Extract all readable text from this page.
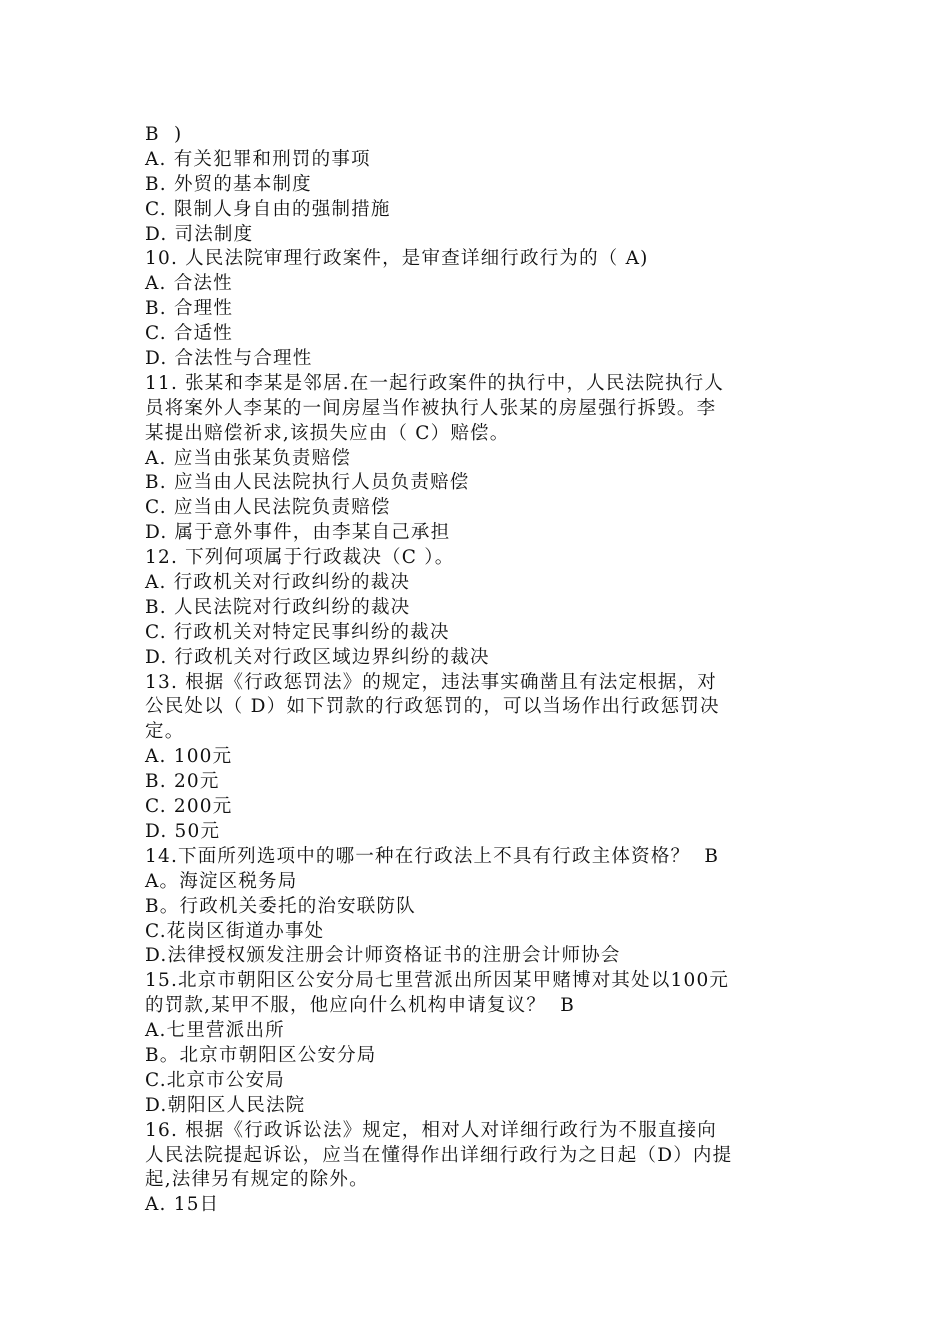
B  )
A. 有关犯罪和刑罚的事项
B. 外贸的基本制度
C. 限制人身自由的强制措施
D. 司法制度
10. 人民法院审理行政案件，是审查详细行政行为的（ A)
A. 合法性
B. 合理性
C. 合适性
D. 合法性与合理性
11. 张某和李某是邻居.在一起行政案件的执行中，人民法院执行人
员将案外人李某的一间房屋当作被执行人张某的房屋强行拆毁。李
某提出赔偿祈求,该损失应由（ C）赔偿。
A. 应当由张某负责赔偿
B. 应当由人民法院执行人员负责赔偿
C. 应当由人民法院负责赔偿
D. 属于意外事件，由李某自己承担
12. 下列何项属于行政裁决（C ）。
A. 行政机关对行政纠纷的裁决
B. 人民法院对行政纠纷的裁决
C. 行政机关对特定民事纠纷的裁决
D. 行政机关对行政区域边界纠纷的裁决
13. 根据《行政惩罚法》的规定，违法事实确凿且有法定根据，对
公民处以（ D）如下罚款的行政惩罚的，可以当场作出行政惩罚决
定。
A. 100元
B. 20元
C. 200元
D. 50元
14.下面所列选项中的哪一种在行政法上不具有行政主体资格？  B
A。海淀区税务局
B。行政机关委托的治安联防队
C.花岗区街道办事处
D.法律授权颁发注册会计师资格证书的注册会计师协会
15.北京市朝阳区公安分局七里营派出所因某甲赌博对其处以100元
的罚款,某甲不服，他应向什么机构申请复议？  B
A.七里营派出所
B。北京市朝阳区公安分局
C.北京市公安局
D.朝阳区人民法院
16. 根据《行政诉讼法》规定，相对人对详细行政行为不服直接向
人民法院提起诉讼，应当在懂得作出详细行政行为之日起（D）内提
起,法律另有规定的除外。
A. 15日
